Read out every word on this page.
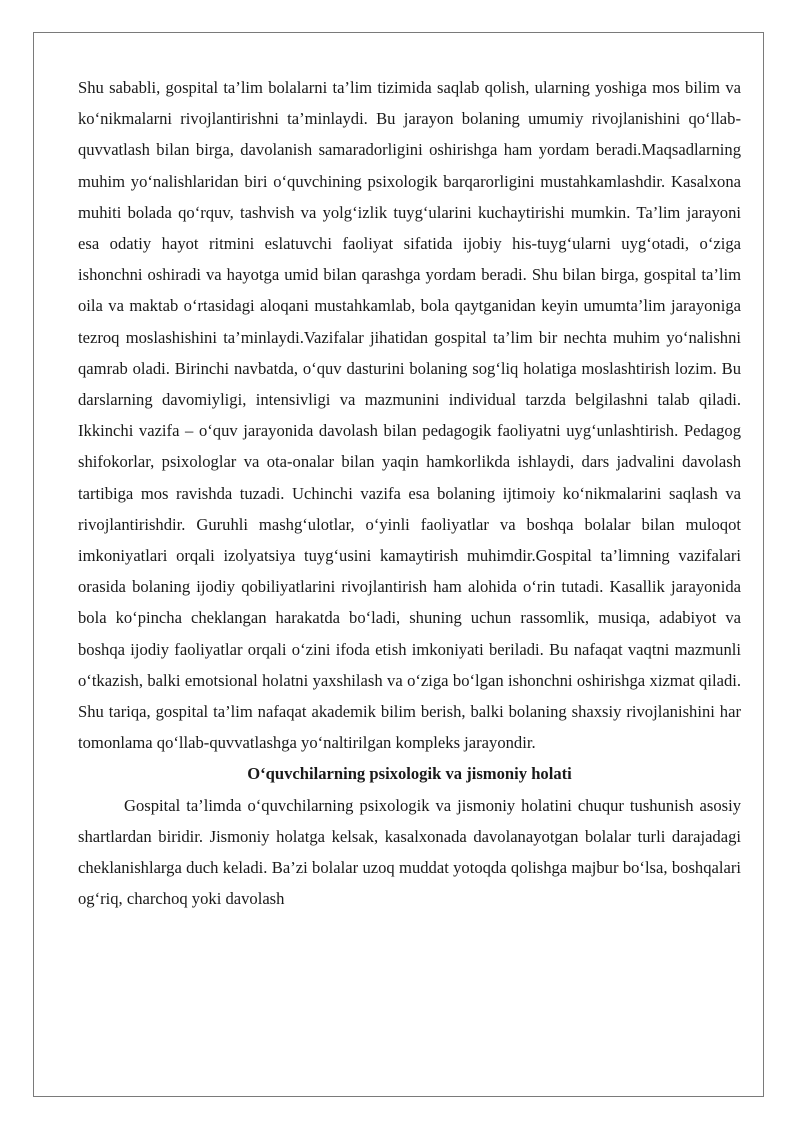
Shu sababli, gospital ta’lim bolalarni ta’lim tizimida saqlab qolish, ularning yoshiga mos bilim va ko‘nikmalarni rivojlantirishni ta’minlaydi. Bu jarayon bolaning umumiy rivojlanishini qo‘llab-quvvatlash bilan birga, davolanish samaradorligini oshirishga ham yordam beradi.Maqsadlarning muhim yo‘nalishlaridan biri o‘quvchining psixologik barqarorligini mustahkamlashdir. Kasalxona muhiti bolada qo‘rquv, tashvish va yolg‘izlik tuyg‘ularini kuchaytirishi mumkin. Ta’lim jarayoni esa odatiy hayot ritmini eslatuvchi faoliyat sifatida ijobiy his-tuyg‘ularni uyg‘otadi, o‘ziga ishonchni oshiradi va hayotga umid bilan qarashga yordam beradi. Shu bilan birga, gospital ta’lim oila va maktab o‘rtasidagi aloqani mustahkamlab, bola qaytganidan keyin umumta’lim jarayoniga tezroq moslashishini ta’minlaydi.Vazifalar jihatidan gospital ta’lim bir nechta muhim yo‘nalishni qamrab oladi. Birinchi navbatda, o‘quv dasturini bolaning sog‘liq holatiga moslashtirish lozim. Bu darslarning davomiyligi, intensivligi va mazmunini individual tarzda belgilashni talab qiladi. Ikkinchi vazifa – o‘quv jarayonida davolash bilan pedagogik faoliyatni uyg‘unlashtirish. Pedagog shifokorlar, psixologlar va ota-onalar bilan yaqin hamkorlikda ishlaydi, dars jadvalini davolash tartibiga mos ravishda tuzadi. Uchinchi vazifa esa bolaning ijtimoiy ko‘nikmalarini saqlash va rivojlantirishdir. Guruhli mashg‘ulotlar, o‘yinli faoliyatlar va boshqa bolalar bilan muloqot imkoniyatlari orqali izolyatsiya tuyg‘usini kamaytirish muhimdir.Gospital ta’limning vazifalari orasida bolaning ijodiy qobiliyatlarini rivojlantirish ham alohida o‘rin tutadi. Kasallik jarayonida bola ko‘pincha cheklangan harakatda bo‘ladi, shuning uchun rassomlik, musiqa, adabiyot va boshqa ijodiy faoliyatlar orqali o‘zini ifoda etish imkoniyati beriladi. Bu nafaqat vaqtni mazmunli o‘tkazish, balki emotsional holatni yaxshilash va o‘ziga bo‘lgan ishonchni oshirishga xizmat qiladi. Shu tariqa, gospital ta’lim nafaqat akademik bilim berish, balki bolaning shaxsiy rivojlanishini har tomonlama qo‘llab-quvvatlashga yo‘naltirilgan kompleks jarayondir.

O‘quvchilarning psixologik va jismoniy holati

Gospital ta’limda o‘quvchilarning psixologik va jismoniy holatini chuqur tushunish asosiy shartlardan biridir. Jismoniy holatga kelsak, kasalxonada davolanayotgan bolalar turli darajadagi cheklanishlarga duch keladi. Ba’zi bolalar uzoq muddat yotoqda qolishga majbur bo‘lsa, boshqalari og‘riq, charchoq yoki davolash
